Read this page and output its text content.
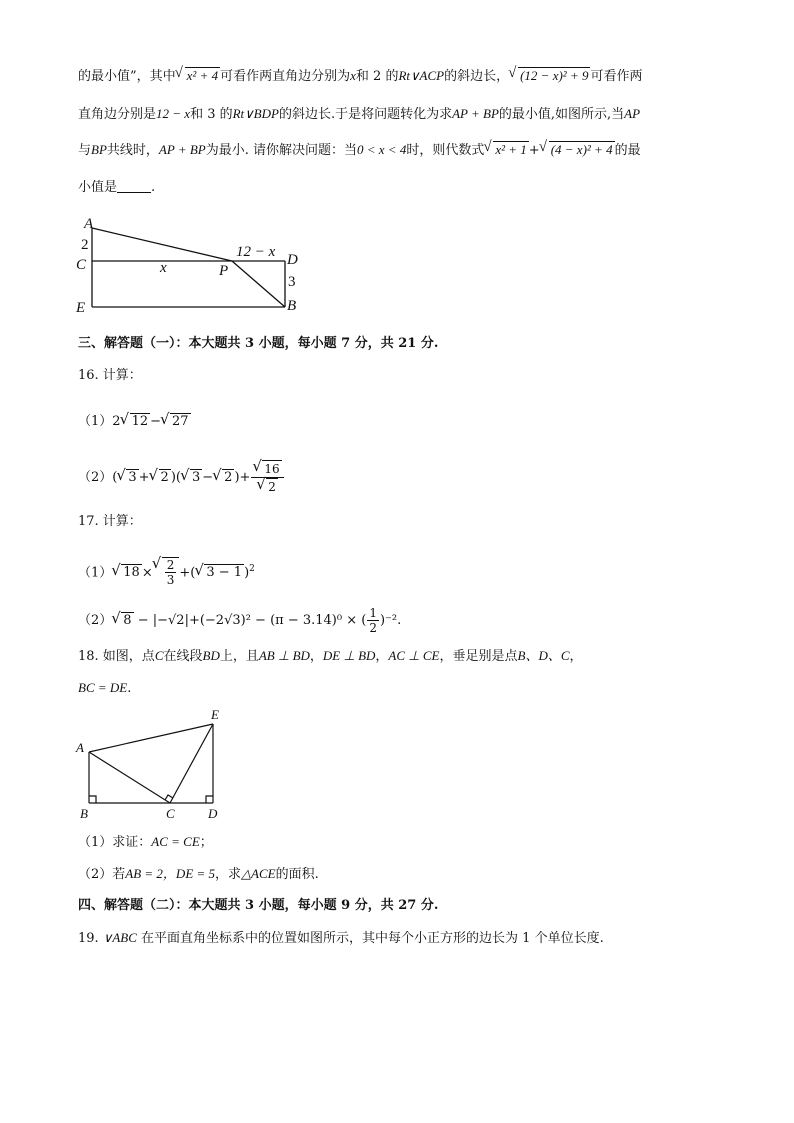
的最小值”，其中 √ x² + 4 可看作两直角边分别为x和 2 的Rt∨ACP的斜边长， √ (12 − x)² + 9 可看作两
直角边分别是12 − x和 3 的Rt∨BDP的斜边长.于是将问题转化为求AP + BP的最小值,如图所示,当AP
与BP共线时，AP + BP为最小. 请你解决问题：当0 < x < 4时，则代数式 √ x² + 1 + √ (4 − x)² + 4 的最
小值是	.
A
2
C
E
x	P
12 − x D
3
B
三、解答题（一）：本大题共 3 小题，每小题 7 分，共 21 分.
16. 计算：
（1）2 √ 12 − √ 27
（2）( √ 3 + √ 2 )( √ 3 − √ 2 )+ √ 16
√ 2
17. 计算：
（1） √ 18 × √ $\frac{2}{3}$ +( √ 3 − 1 )$^2$
（2） √ 8 − |−√2|+(−2√3)² − (π − 3.14)⁰ × ( $\frac{1}{2} )^{-2}$.
18. 如图，点C在线段BD上，且AB ⊥ BD，DE ⊥ BD，AC ⊥ CE，垂足别是点B、D、C，
BC = DE.
A
B	C	D
E
（1）求证：AC = CE；
（2）若AB = 2，DE = 5，求△ACE的面积.
四、解答题（二）：本大题共 3 小题，每小题 9 分，共 27 分.
19. ∨ABC 在平面直角坐标系中的位置如图所示，其中每个小正方形的边长为 1 个单位长度.
